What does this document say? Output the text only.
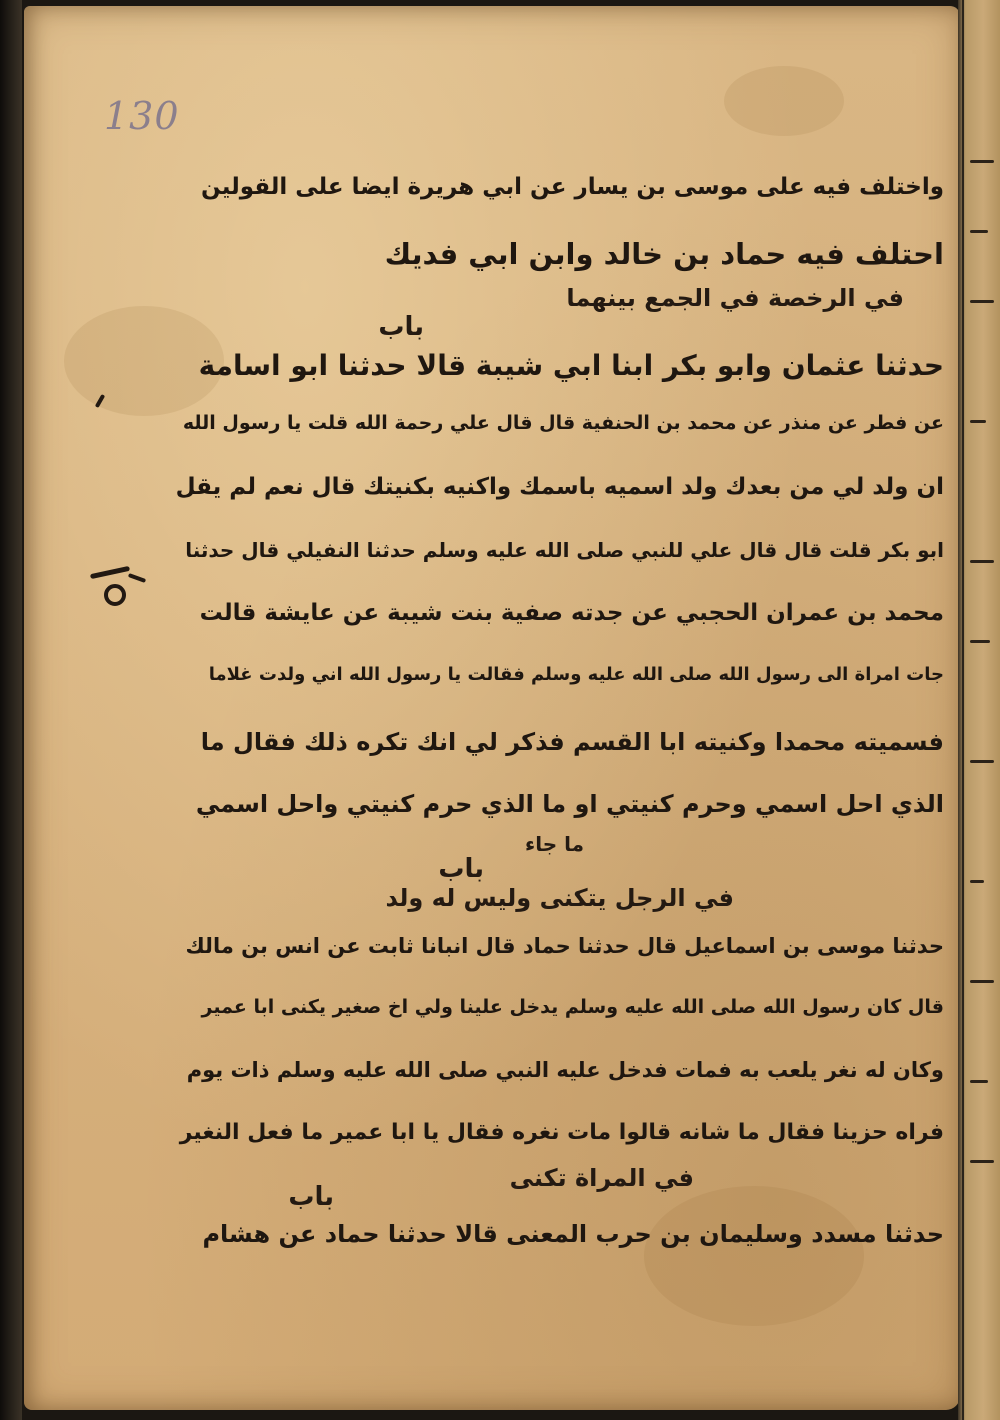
130

واختلف فيه على موسى بن يسار عن ابي هريرة ايضا على القولين

احتلف فيه حماد بن خالد وابن ابي فديك

في الرخصة في الجمع بينهما

باب

حدثنا عثمان وابو بكر ابنا ابي شيبة قالا حدثنا ابو اسامة

عن فطر عن منذر عن محمد بن الحنفية قال قال علي رحمة الله قلت يا رسول الله

ان ولد لي من بعدك ولد اسميه باسمك واكنيه بكنيتك قال نعم لم يقل

ابو بكر قلت قال قال علي للنبي صلى الله عليه وسلم حدثنا النفيلي قال حدثنا

محمد بن عمران الحجبي عن جدته صفية بنت شيبة عن عايشة قالت

جات امراة الى رسول الله صلى الله عليه وسلم فقالت يا رسول الله اني ولدت غلاما

فسميته محمدا وكنيته ابا القسم فذكر لي انك تكره ذلك فقال ما

الذي احل اسمي وحرم كنيتي او ما الذي حرم كنيتي واحل اسمي

ما جاء

باب

في الرجل يتكنى وليس له ولد

حدثنا موسى بن اسماعيل قال حدثنا حماد قال انبانا ثابت عن انس بن مالك

قال كان رسول الله صلى الله عليه وسلم يدخل علينا ولي اخ صغير يكنى ابا عمير

وكان له نغر يلعب به فمات فدخل عليه النبي صلى الله عليه وسلم ذات يوم

فراه حزينا فقال ما شانه قالوا مات نغره فقال يا ابا عمير ما فعل النغير

في المراة تكنى

باب

حدثنا مسدد وسليمان بن حرب المعنى قالا حدثنا حماد عن هشام
